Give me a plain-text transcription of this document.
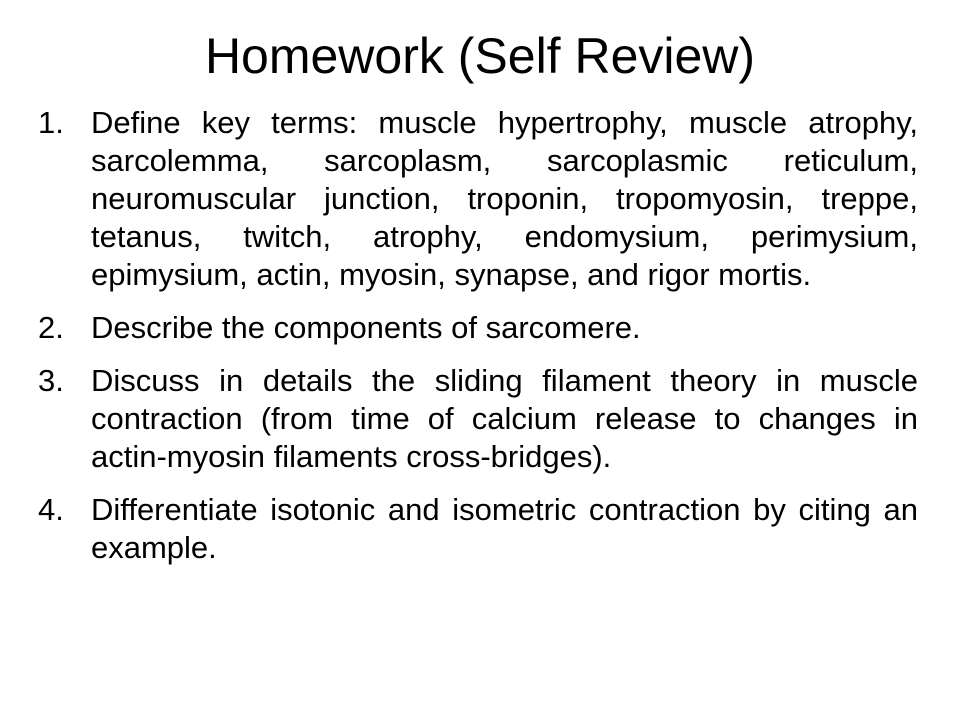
Homework (Self Review)
1. Define key terms: muscle hypertrophy, muscle atrophy, sarcolemma, sarcoplasm, sarcoplasmic reticulum, neuromuscular junction, troponin, tropomyosin, treppe, tetanus, twitch, atrophy, endomysium, perimysium, epimysium, actin, myosin, synapse, and rigor mortis.
2. Describe the components of sarcomere.
3. Discuss in details the sliding filament theory in muscle contraction (from time of calcium release to changes in actin-myosin filaments cross-bridges).
4. Differentiate isotonic and isometric contraction by citing an example.
